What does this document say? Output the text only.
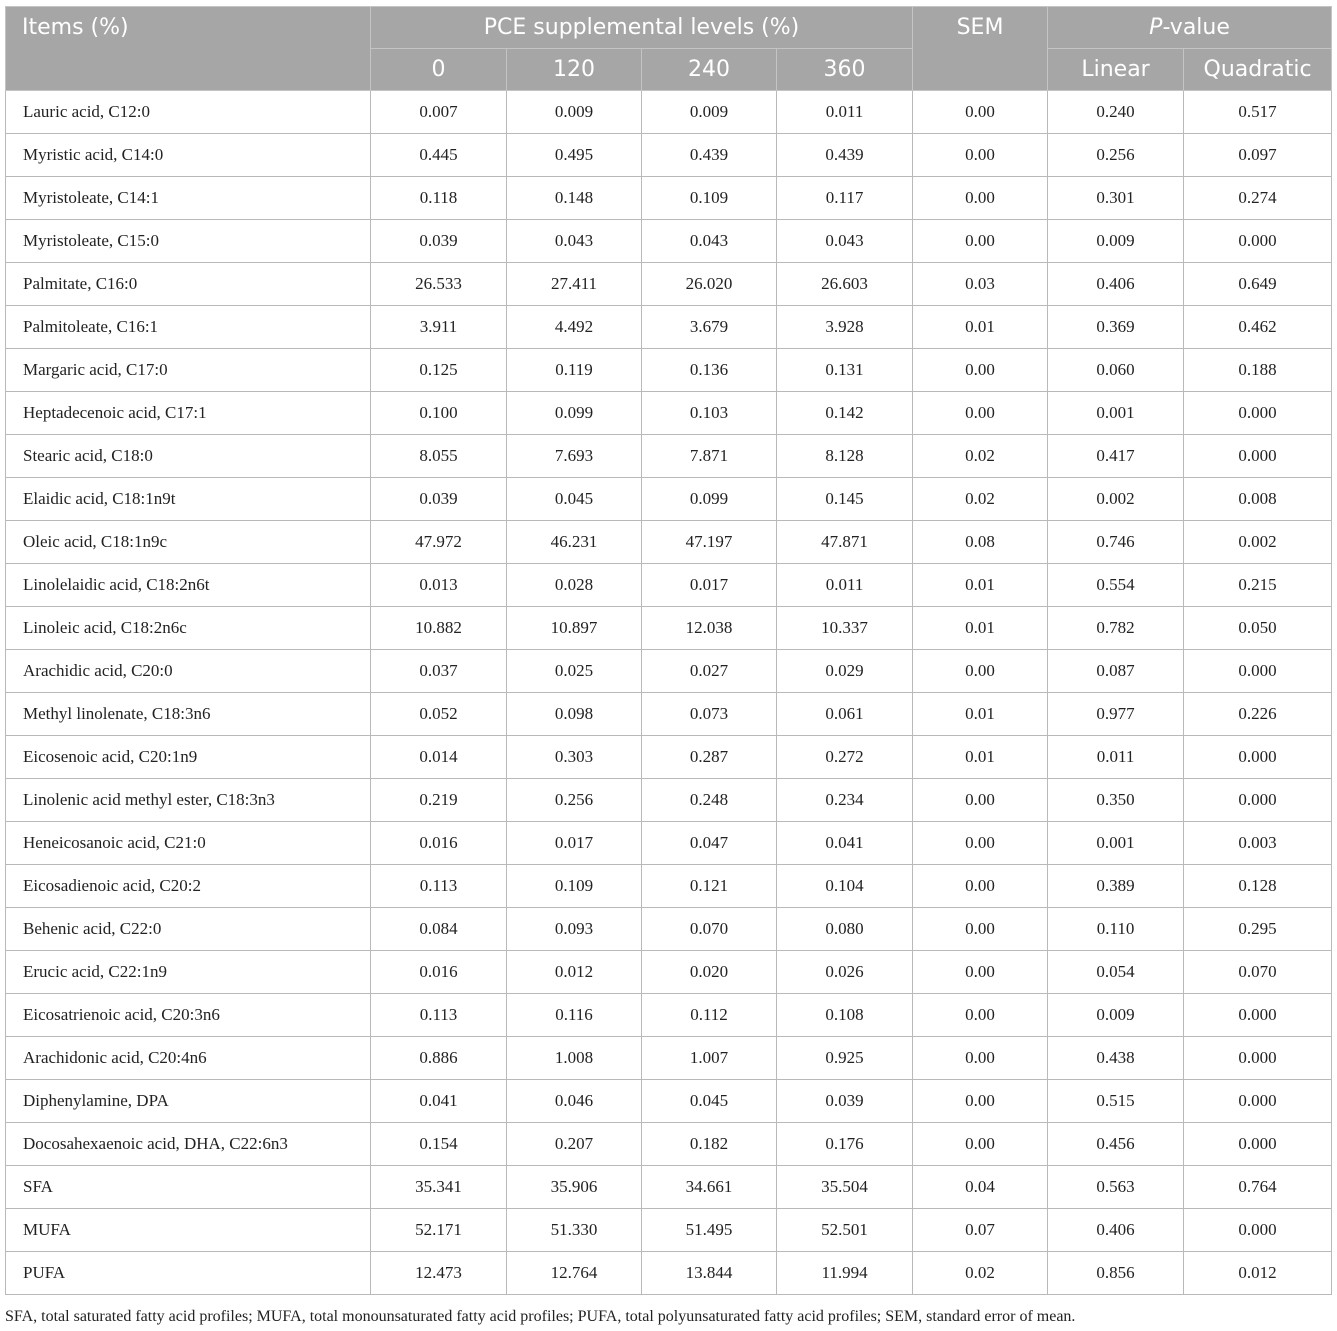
Items (%)	PCE supplemental levels (%)				SEM	P-value	
	0	120	240	360		Linear	Quadratic
Lauric acid, C12:0	0.007	0.009	0.009	0.011	0.00	0.240	0.517
Myristic acid, C14:0	0.445	0.495	0.439	0.439	0.00	0.256	0.097
Myristoleate, C14:1	0.118	0.148	0.109	0.117	0.00	0.301	0.274
Myristoleate, C15:0	0.039	0.043	0.043	0.043	0.00	0.009	0.000
Palmitate, C16:0	26.533	27.411	26.020	26.603	0.03	0.406	0.649
Palmitoleate, C16:1	3.911	4.492	3.679	3.928	0.01	0.369	0.462
Margaric acid, C17:0	0.125	0.119	0.136	0.131	0.00	0.060	0.188
Heptadecenoic acid, C17:1	0.100	0.099	0.103	0.142	0.00	0.001	0.000
Stearic acid, C18:0	8.055	7.693	7.871	8.128	0.02	0.417	0.000
Elaidic acid, C18:1n9t	0.039	0.045	0.099	0.145	0.02	0.002	0.008
Oleic acid, C18:1n9c	47.972	46.231	47.197	47.871	0.08	0.746	0.002
Linolelaidic acid, C18:2n6t	0.013	0.028	0.017	0.011	0.01	0.554	0.215
Linoleic acid, C18:2n6c	10.882	10.897	12.038	10.337	0.01	0.782	0.050
Arachidic acid, C20:0	0.037	0.025	0.027	0.029	0.00	0.087	0.000
Methyl linolenate, C18:3n6	0.052	0.098	0.073	0.061	0.01	0.977	0.226
Eicosenoic acid, C20:1n9	0.014	0.303	0.287	0.272	0.01	0.011	0.000
Linolenic acid methyl ester, C18:3n3	0.219	0.256	0.248	0.234	0.00	0.350	0.000
Heneicosanoic acid, C21:0	0.016	0.017	0.047	0.041	0.00	0.001	0.003
Eicosadienoic acid, C20:2	0.113	0.109	0.121	0.104	0.00	0.389	0.128
Behenic acid, C22:0	0.084	0.093	0.070	0.080	0.00	0.110	0.295
Erucic acid, C22:1n9	0.016	0.012	0.020	0.026	0.00	0.054	0.070
Eicosatrienoic acid, C20:3n6	0.113	0.116	0.112	0.108	0.00	0.009	0.000
Arachidonic acid, C20:4n6	0.886	1.008	1.007	0.925	0.00	0.438	0.000
Diphenylamine, DPA	0.041	0.046	0.045	0.039	0.00	0.515	0.000
Docosahexaenoic acid, DHA, C22:6n3	0.154	0.207	0.182	0.176	0.00	0.456	0.000
SFA	35.341	35.906	34.661	35.504	0.04	0.563	0.764
MUFA	52.171	51.330	51.495	52.501	0.07	0.406	0.000
PUFA	12.473	12.764	13.844	11.994	0.02	0.856	0.012
SFA, total saturated fatty acid profiles; MUFA, total monounsaturated fatty acid profiles; PUFA, total polyunsaturated fatty acid profiles; SEM, standard error of mean.
